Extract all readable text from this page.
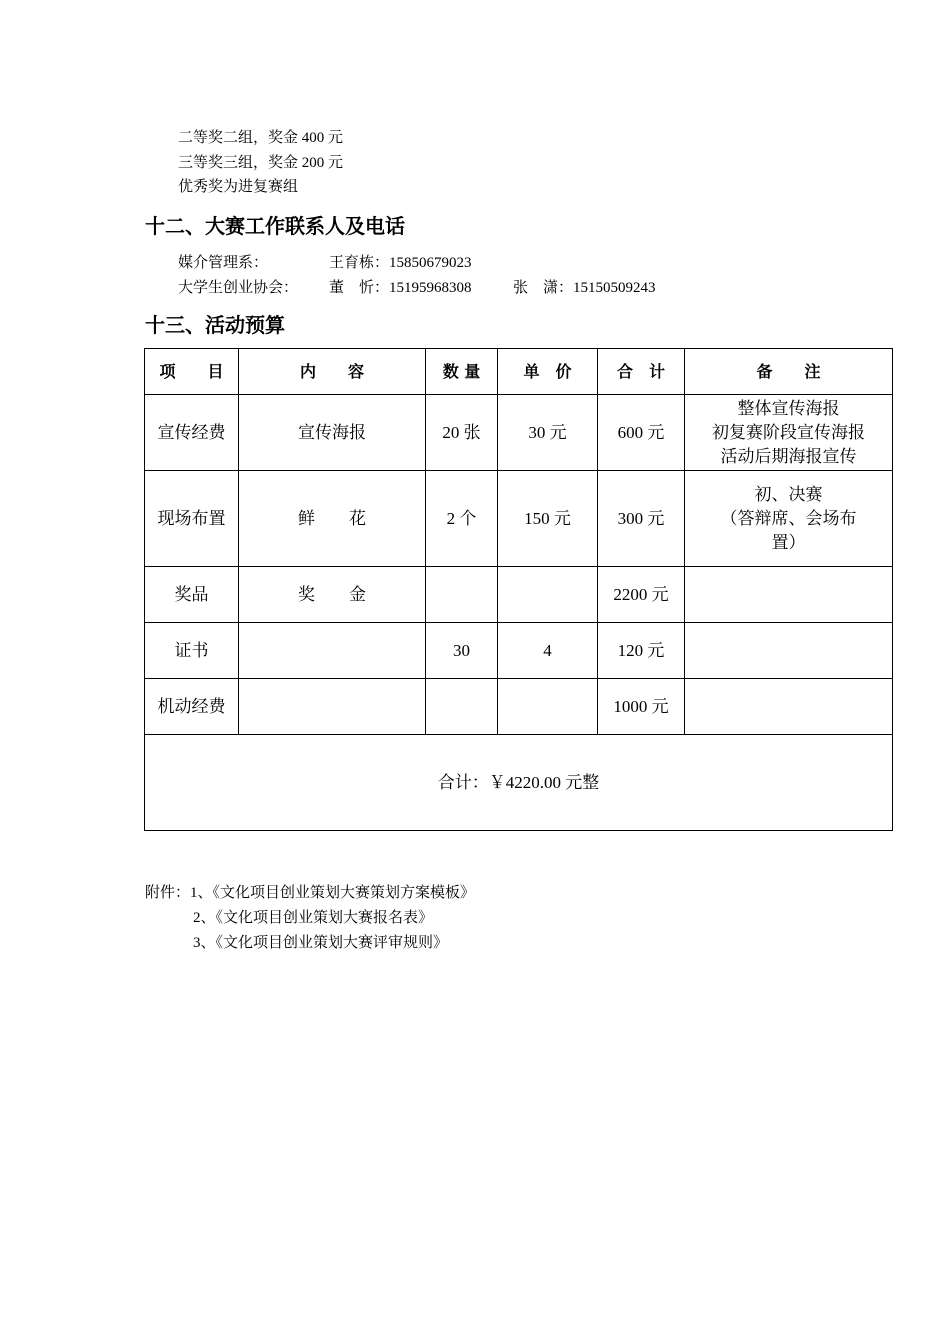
二等奖二组，奖金 400 元
三等奖三组，奖金 200 元
优秀奖为进复赛组
十二、大赛工作联系人及电话
媒介管理系：	王育栋：15850679023
大学生创业协会： 董　忻：15195968308	张　潇：15150509243
十三、活动预算
项　　目	内　　容	数 量	单　价	合　计	备　　注
宣传经费	宣传海报	20 张	30 元	600 元	整体宣传海报
初复赛阶段宣传海报
活动后期海报宣传

现场布置	鲜　　花	2 个	150 元	300 元	初、决赛
（答辩席、会场布
置）

奖品	奖　　金			2200 元	
证书		30	4	120 元	
机动经费				1000 元	
合计：￥4220.00 元整					
附件：1、《文化项目创业策划大赛策划方案模板》
2、《文化项目创业策划大赛报名表》
3、《文化项目创业策划大赛评审规则》
